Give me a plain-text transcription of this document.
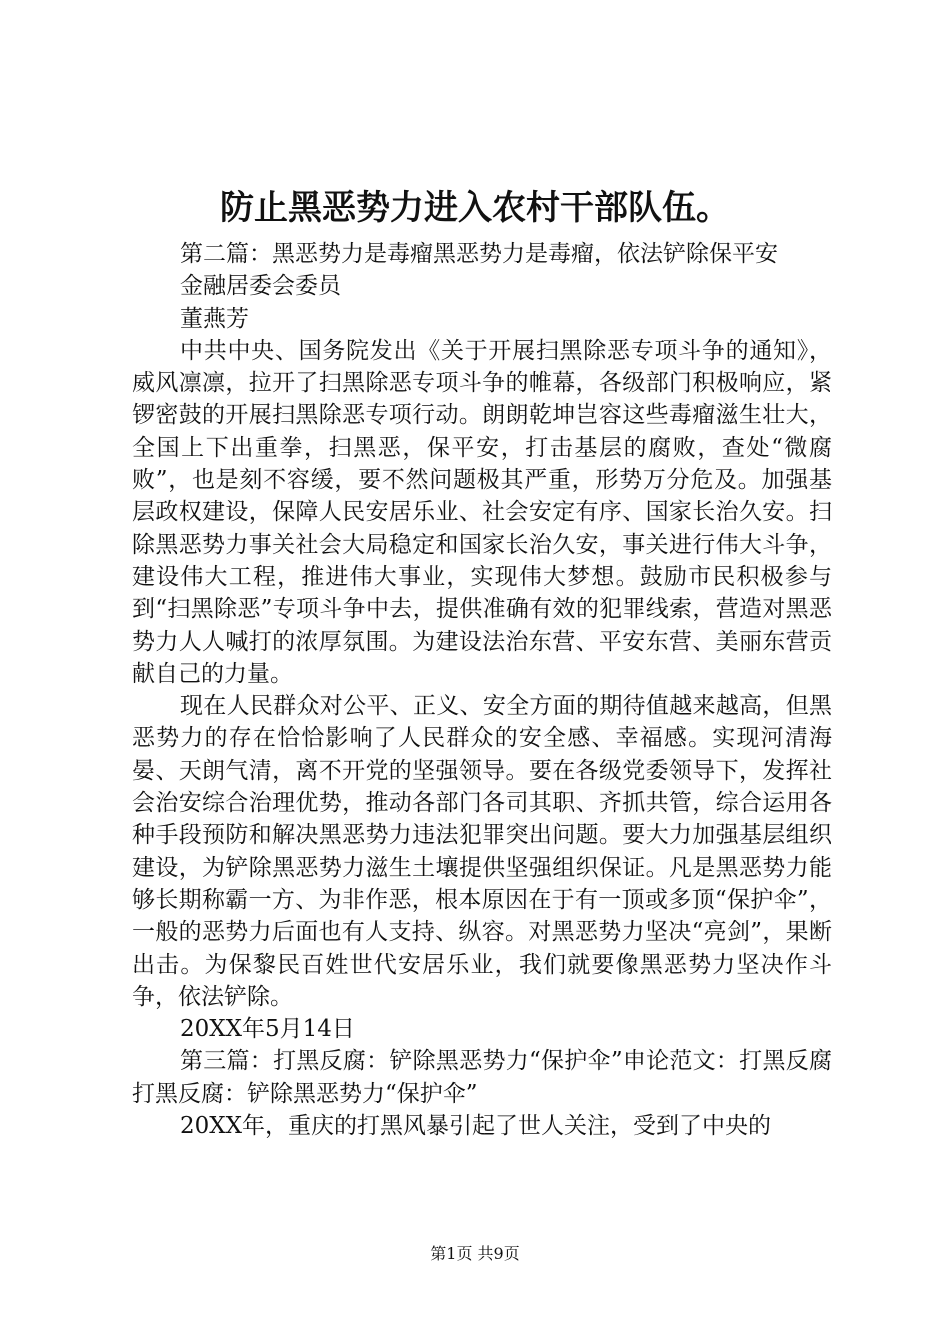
防止黑恶势力进入农村干部队伍。

第二篇：黑恶势力是毒瘤黑恶势力是毒瘤，依法铲除保平安

金融居委会委员

董燕芳

中共中央、国务院发出《关于开展扫黑除恶专项斗争的通知》，威风凛凛，拉开了扫黑除恶专项斗争的帷幕，各级部门积极响应，紧锣密鼓的开展扫黑除恶专项行动。朗朗乾坤岂容这些毒瘤滋生壮大，全国上下出重拳，扫黑恶，保平安，打击基层的腐败，查处“微腐败”，也是刻不容缓，要不然问题极其严重，形势万分危及。加强基层政权建设，保障人民安居乐业、社会安定有序、国家长治久安。扫除黑恶势力事关社会大局稳定和国家长治久安，事关进行伟大斗争，建设伟大工程，推进伟大事业，实现伟大梦想。鼓励市民积极参与到“扫黑除恶”专项斗争中去，提供准确有效的犯罪线索，营造对黑恶势力人人喊打的浓厚氛围。为建设法治东营、平安东营、美丽东营贡献自己的力量。

现在人民群众对公平、正义、安全方面的期待值越来越高，但黑恶势力的存在恰恰影响了人民群众的安全感、幸福感。实现河清海晏、天朗气清，离不开党的坚强领导。要在各级党委领导下，发挥社会治安综合治理优势，推动各部门各司其职、齐抓共管，综合运用各种手段预防和解决黑恶势力违法犯罪突出问题。要大力加强基层组织建设，为铲除黑恶势力滋生土壤提供坚强组织保证。凡是黑恶势力能够长期称霸一方、为非作恶，根本原因在于有一顶或多顶“保护伞”，一般的恶势力后面也有人支持、纵容。对黑恶势力坚决“亮剑”，果断出击。为保黎民百姓世代安居乐业，我们就要像黑恶势力坚决作斗争，依法铲除。

20XX年5月14日

第三篇：打黑反腐：铲除黑恶势力“保护伞”申论范文：打黑反腐打黑反腐：铲除黑恶势力“保护伞”

20XX年，重庆的打黑风暴引起了世人关注，受到了中央的

第1页 共9页
